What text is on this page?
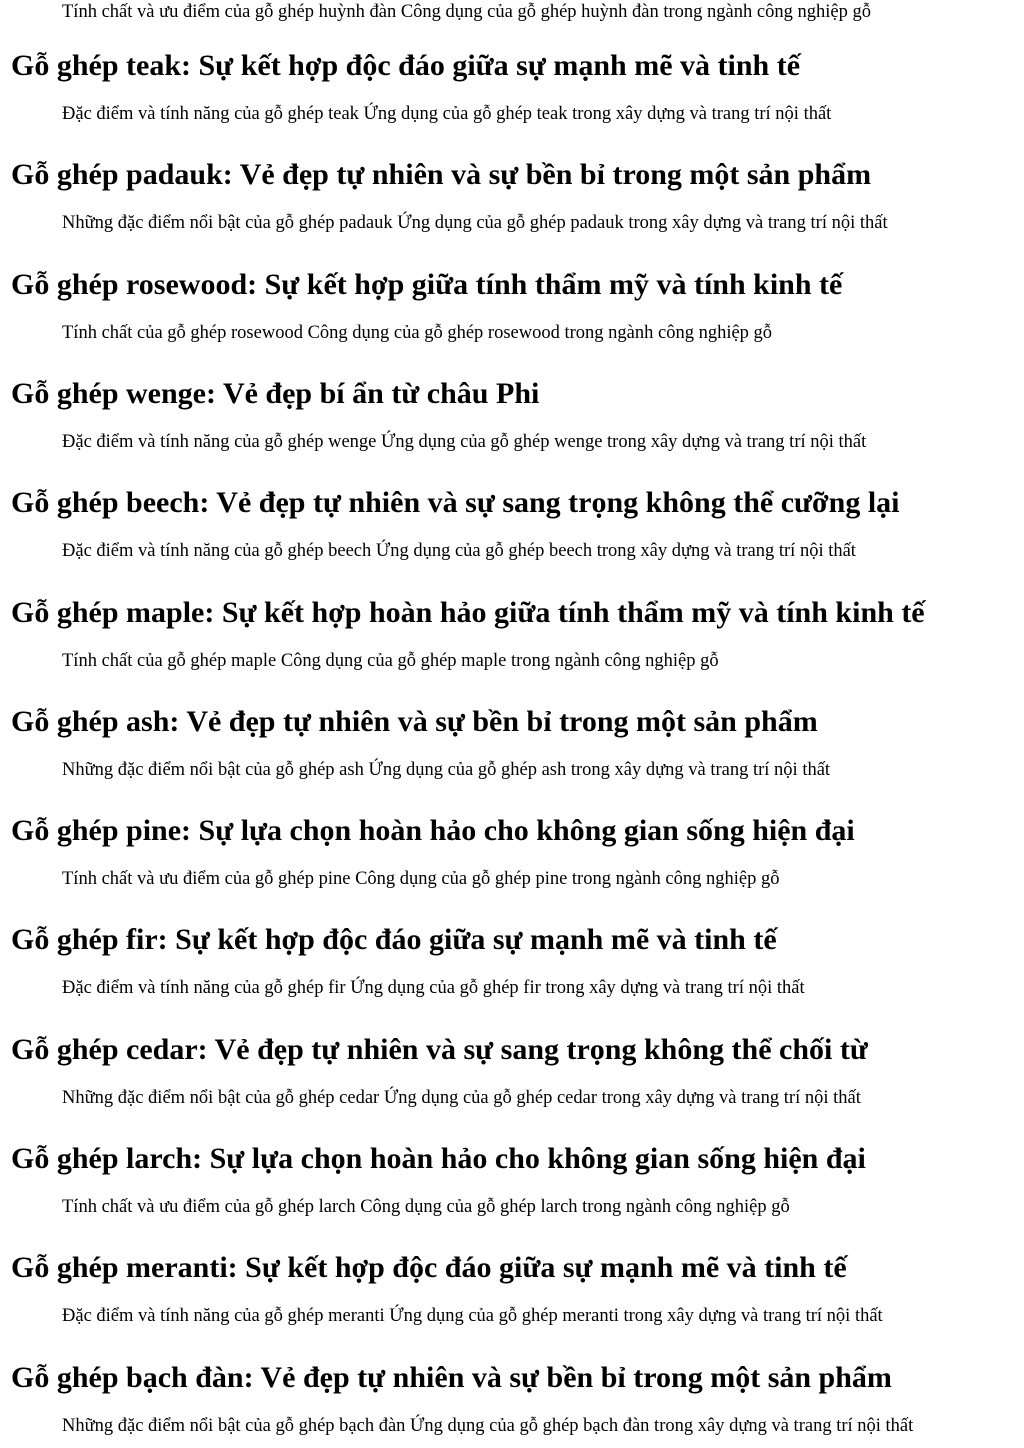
Tính chất và ưu điểm của gỗ ghép huỳnh đàn Công dụng của gỗ ghép huỳnh đàn trong ngành công nghiệp gỗ

Gỗ ghép teak: Sự kết hợp độc đáo giữa sự mạnh mẽ và tinh tế

Đặc điểm và tính năng của gỗ ghép teak Ứng dụng của gỗ ghép teak trong xây dựng và trang trí nội thất

Gỗ ghép padauk: Vẻ đẹp tự nhiên và sự bền bỉ trong một sản phẩm

Những đặc điểm nổi bật của gỗ ghép padauk Ứng dụng của gỗ ghép padauk trong xây dựng và trang trí nội thất

Gỗ ghép rosewood: Sự kết hợp giữa tính thẩm mỹ và tính kinh tế

Tính chất của gỗ ghép rosewood Công dụng của gỗ ghép rosewood trong ngành công nghiệp gỗ

Gỗ ghép wenge: Vẻ đẹp bí ẩn từ châu Phi

Đặc điểm và tính năng của gỗ ghép wenge Ứng dụng của gỗ ghép wenge trong xây dựng và trang trí nội thất

Gỗ ghép beech: Vẻ đẹp tự nhiên và sự sang trọng không thể cưỡng lại

Đặc điểm và tính năng của gỗ ghép beech Ứng dụng của gỗ ghép beech trong xây dựng và trang trí nội thất

Gỗ ghép maple: Sự kết hợp hoàn hảo giữa tính thẩm mỹ và tính kinh tế

Tính chất của gỗ ghép maple Công dụng của gỗ ghép maple trong ngành công nghiệp gỗ

Gỗ ghép ash: Vẻ đẹp tự nhiên và sự bền bỉ trong một sản phẩm

Những đặc điểm nổi bật của gỗ ghép ash Ứng dụng của gỗ ghép ash trong xây dựng và trang trí nội thất

Gỗ ghép pine: Sự lựa chọn hoàn hảo cho không gian sống hiện đại

Tính chất và ưu điểm của gỗ ghép pine Công dụng của gỗ ghép pine trong ngành công nghiệp gỗ

Gỗ ghép fir: Sự kết hợp độc đáo giữa sự mạnh mẽ và tinh tế

Đặc điểm và tính năng của gỗ ghép fir Ứng dụng của gỗ ghép fir trong xây dựng và trang trí nội thất

Gỗ ghép cedar: Vẻ đẹp tự nhiên và sự sang trọng không thể chối từ

Những đặc điểm nổi bật của gỗ ghép cedar Ứng dụng của gỗ ghép cedar trong xây dựng và trang trí nội thất

Gỗ ghép larch: Sự lựa chọn hoàn hảo cho không gian sống hiện đại

Tính chất và ưu điểm của gỗ ghép larch Công dụng của gỗ ghép larch trong ngành công nghiệp gỗ

Gỗ ghép meranti: Sự kết hợp độc đáo giữa sự mạnh mẽ và tinh tế

Đặc điểm và tính năng của gỗ ghép meranti Ứng dụng của gỗ ghép meranti trong xây dựng và trang trí nội thất

Gỗ ghép bạch đàn: Vẻ đẹp tự nhiên và sự bền bỉ trong một sản phẩm

Những đặc điểm nổi bật của gỗ ghép bạch đàn Ứng dụng của gỗ ghép bạch đàn trong xây dựng và trang trí nội thất
